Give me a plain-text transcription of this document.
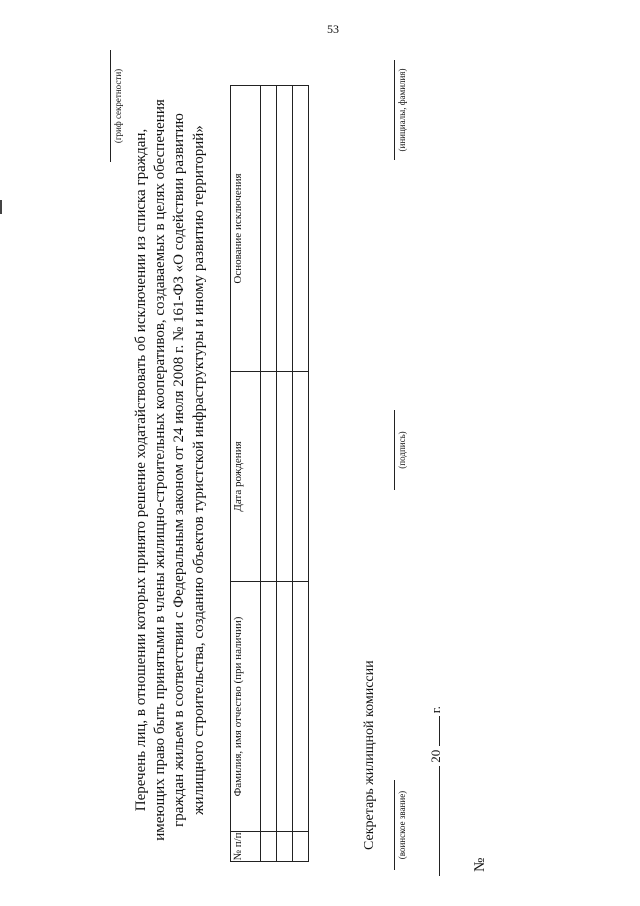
53
(гриф секретности)
Перечень лиц, в отношении которых принято решение ходатайствовать об исключении из списка граждан, имеющих право быть принятыми в члены жилищно-строительных кооперативов, создаваемых в целях обеспечения граждан жильем в соответствии с Федеральным законом от 24 июля 2008 г. № 161-ФЗ «О содействии развитию жилищного строительства, созданию объектов туристской инфраструктуры и иному развитию территорий»
№ п/п	Фамилия, имя отчество (при наличии)	Дата рождения	Основание исключения

Секретарь жилищной комиссии (воинское звание)
(подпись)
(инициалы, фамилия)
20  г.
№
